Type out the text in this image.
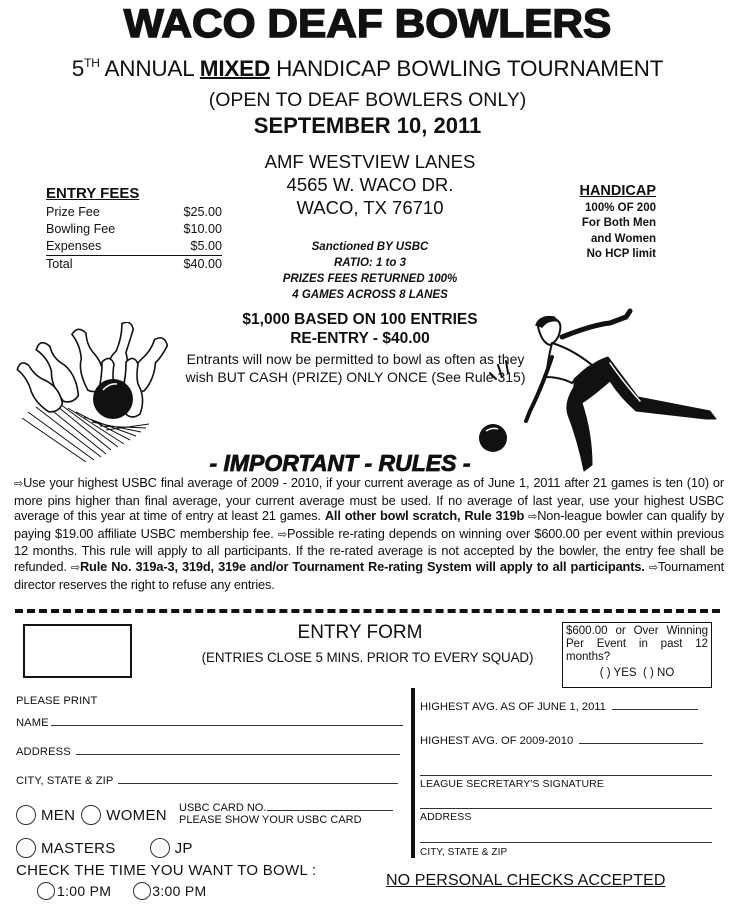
WACO DEAF BOWLERS
5TH ANNUAL MIXED HANDICAP BOWLING TOURNAMENT
(OPEN TO DEAF BOWLERS ONLY)
SEPTEMBER 10, 2011
AMF WESTVIEW LANES
4565 W. WACO DR.
WACO, TX 76710
ENTRY FEES
Prize Fee	$25.00
Bowling Fee	$10.00
Expenses	$5.00
Total	$40.00
Sanctioned BY USBC
RATIO: 1 to 3
PRIZES FEES RETURNED 100%
4 GAMES ACROSS 8 LANES
HANDICAP
100% OF 200
For Both Men
and Women
No HCP limit
$1,000 BASED ON 100 ENTRIES
RE-ENTRY - $40.00
Entrants will now be permitted to bowl as often as they
wish BUT CASH (PRIZE) ONLY ONCE (See Rule 315)
- IMPORTANT - RULES -
⇨Use your highest USBC final average of 2009 - 2010, if your current average as of June 1, 2011 after 21 games is ten (10) or more pins higher than final average, your current average must be used. If no average of last year, use your highest USBC average of this year at time of entry at least 21 games. All other bowl scratch, Rule 319b ⇨Non-league bowler can qualify by paying $19.00 affiliate USBC membership fee. ⇨Possible re-rating depends on winning over $600.00 per event within previous 12 months. This rule will apply to all participants. If the re-rated average is not accepted by the bowler, the entry fee shall be refunded. ⇨Rule No. 319a-3, 319d, 319e and/or Tournament Re-rating System will apply to all participants. ⇨Tournament director reserves the right to refuse any entries.
ENTRY FORM
(ENTRIES CLOSE 5 MINS. PRIOR TO EVERY SQUAD)
$600.00 or Over Winning Per Event in past 12 months?
( ) YES ( ) NO
PLEASE PRINT
NAME
ADDRESS
CITY, STATE & ZIP
MEN WOMEN USBC CARD NO.
PLEASE SHOW YOUR USBC CARD
MASTERS	JP
CHECK THE TIME YOU WANT TO BOWL :
1:00 PM	3:00 PM
HIGHEST AVG. AS OF JUNE 1, 2011
HIGHEST AVG. OF 2009-2010
LEAGUE SECRETARY'S SIGNATURE
ADDRESS
CITY, STATE & ZIP
NO PERSONAL CHECKS ACCEPTED
